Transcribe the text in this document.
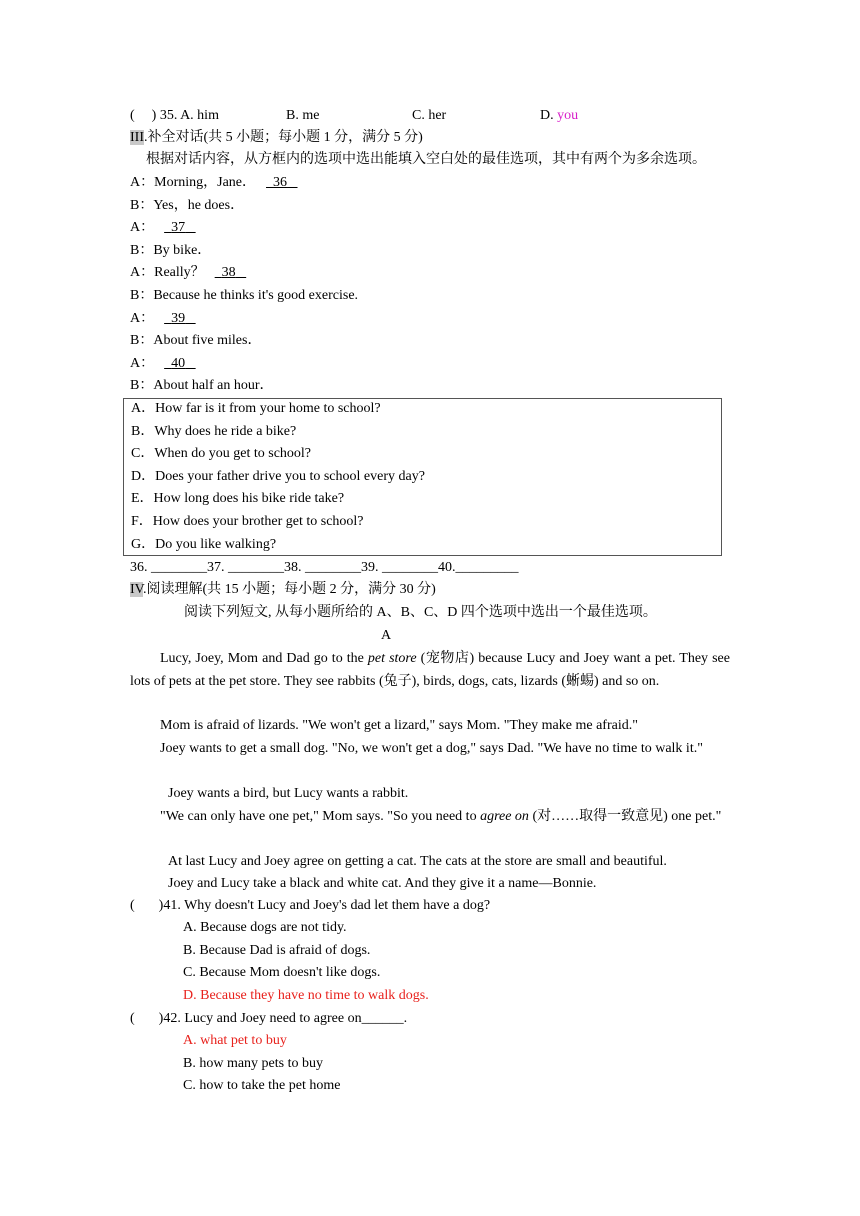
( ) 35. A. him	B. me	C. her	D. you
III.补全对话(共 5 小题；每小题 1 分，满分 5 分)
根据对话内容，从方框内的选项中选出能填入空白处的最佳选项，其中有两个为多余选项。
A：Morning，Jane． 36
B：Yes，he does．
A： 37
B：By bike．
A：Really？ 38
B：Because he thinks it's good exercise.
A： 39
B：About five miles．
A： 40
B：About half an hour．
A．How far is it from your home to school?
B．Why does he ride a bike?
C．When do you get to school?
D．Does your father drive you to school every day?
E．How long does his bike ride take?
F．How does your brother get to school?
G．Do you like walking?
36. ________37. ________38. ________39. ________40._________
IV.阅读理解(共 15 小题；每小题 2 分，满分 30 分)
阅读下列短文, 从每小题所给的 A、B、C、D 四个选项中选出一个最佳选项。
A
Lucy, Joey, Mom and Dad go to the pet store (宠物店) because Lucy and Joey want a pet. They see lots of pets at the pet store. They see rabbits (兔子), birds, dogs, cats, lizards (蜥蜴) and so on.
Mom is afraid of lizards. "We won't get a lizard," says Mom. "They make me afraid."
Joey wants to get a small dog. "No, we won't get a dog," says Dad. "We have no time to walk it."
Joey wants a bird, but Lucy wants a rabbit.
"We can only have one pet," Mom says. "So you need to agree on (对……取得一致意见) one pet."
At last Lucy and Joey agree on getting a cat. The cats at the store are small and beautiful.
Joey and Lucy take a black and white cat. And they give it a name—Bonnie.
( )41. Why doesn't Lucy and Joey's dad let them have a dog?
A. Because dogs are not tidy.
B. Because Dad is afraid of dogs.
C. Because Mom doesn't like dogs.
D. Because they have no time to walk dogs.
( )42. Lucy and Joey need to agree on______.
A. what pet to buy
B. how many pets to buy
C. how to take the pet home
